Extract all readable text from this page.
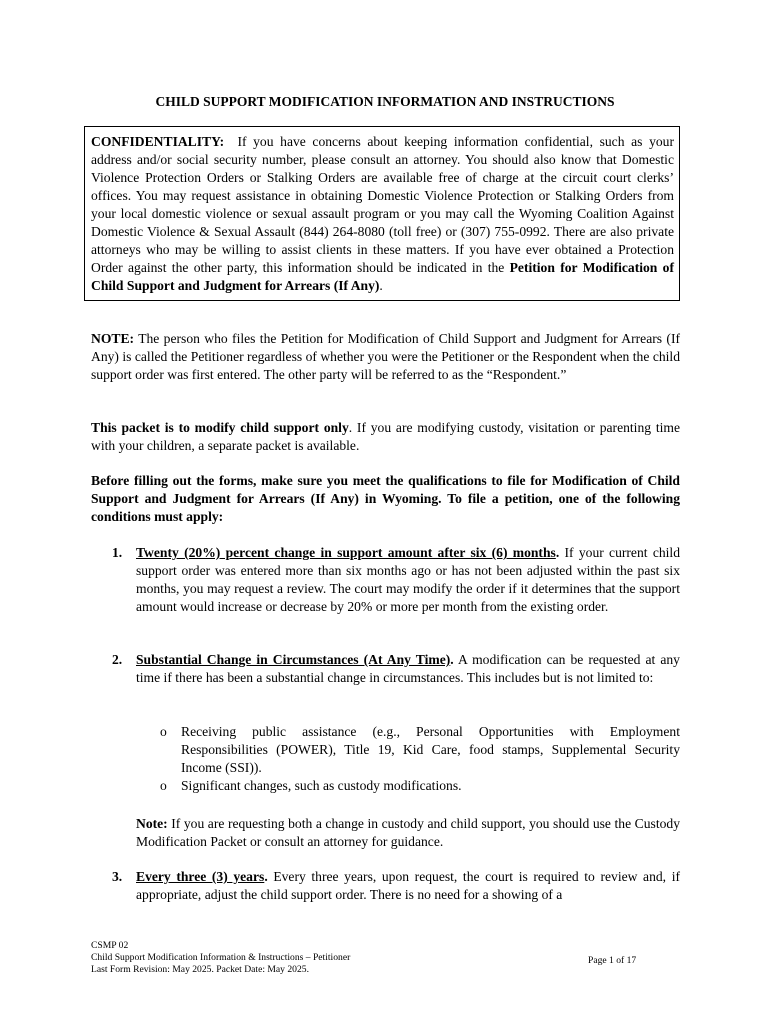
CHILD SUPPORT MODIFICATION INFORMATION AND INSTRUCTIONS
CONFIDENTIALITY: If you have concerns about keeping information confidential, such as your address and/or social security number, please consult an attorney. You should also know that Domestic Violence Protection Orders or Stalking Orders are available free of charge at the circuit court clerks’ offices. You may request assistance in obtaining Domestic Violence Protection or Stalking Orders from your local domestic violence or sexual assault program or you may call the Wyoming Coalition Against Domestic Violence & Sexual Assault (844) 264-8080 (toll free) or (307) 755-0992. There are also private attorneys who may be willing to assist clients in these matters. If you have ever obtained a Protection Order against the other party, this information should be indicated in the Petition for Modification of Child Support and Judgment for Arrears (If Any).
NOTE: The person who files the Petition for Modification of Child Support and Judgment for Arrears (If Any) is called the Petitioner regardless of whether you were the Petitioner or the Respondent when the child support order was first entered. The other party will be referred to as the “Respondent.”
This packet is to modify child support only. If you are modifying custody, visitation or parenting time with your children, a separate packet is available.
Before filling out the forms, make sure you meet the qualifications to file for Modification of Child Support and Judgment for Arrears (If Any) in Wyoming. To file a petition, one of the following conditions must apply:
1. Twenty (20%) percent change in support amount after six (6) months. If your current child support order was entered more than six months ago or has not been adjusted within the past six months, you may request a review. The court may modify the order if it determines that the support amount would increase or decrease by 20% or more per month from the existing order.
2. Substantial Change in Circumstances (At Any Time). A modification can be requested at any time if there has been a substantial change in circumstances. This includes but is not limited to:
o Receiving public assistance (e.g., Personal Opportunities with Employment Responsibilities (POWER), Title 19, Kid Care, food stamps, Supplemental Security Income (SSI)).
o Significant changes, such as custody modifications.
Note: If you are requesting both a change in custody and child support, you should use the Custody Modification Packet or consult an attorney for guidance.
3. Every three (3) years. Every three years, upon request, the court is required to review and, if appropriate, adjust the child support order. There is no need for a showing of a
CSMP 02
Child Support Modification Information & Instructions – Petitioner
Last Form Revision: May 2025. Packet Date: May 2025.
Page 1 of 17
